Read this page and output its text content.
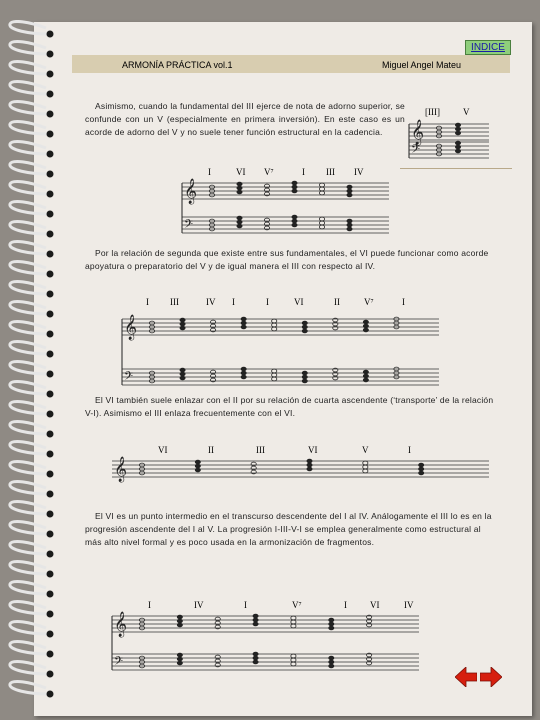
INDICE
ARMONÍA PRÁCTICA vol.1	Miguel Angel Mateu
Asimismo, cuando la fundamental del III ejerce de nota de adorno superior, se confunde con un V (especialmente en primera inversión). En este caso es un acorde de adorno del V y no suele tener función estructural en la cadencia.
Por la relación de segunda que existe entre sus fundamentales, el VI puede funcionar como acorde apoyatura o preparatorio del V y de igual manera el III con respecto al IV.
El VI también suele enlazar con el II por su relación de cuarta ascendente (‘transporte’ de la relación V-I). Asimismo el III enlaza frecuentemente con el VI.
El VI es un punto intermedio en el transcurso descendente del I al IV. Análogamente el III lo es en la progresión ascendente del I al V. La progresión I-III-V-I se emplea generalmente como estructural al más alto nivel formal y es poco usada en la armonización de fragmentos.
[III]	V
𝄞
𝄢
I	VI V⁷	I III IV
𝄞
𝄢
I III	IV I	I	VI	II	V⁷	I
𝄞
𝄢
VI	II	III	VI	V	I
𝄞
I	IV	I	V⁷	I	VI	IV
𝄞
𝄢
